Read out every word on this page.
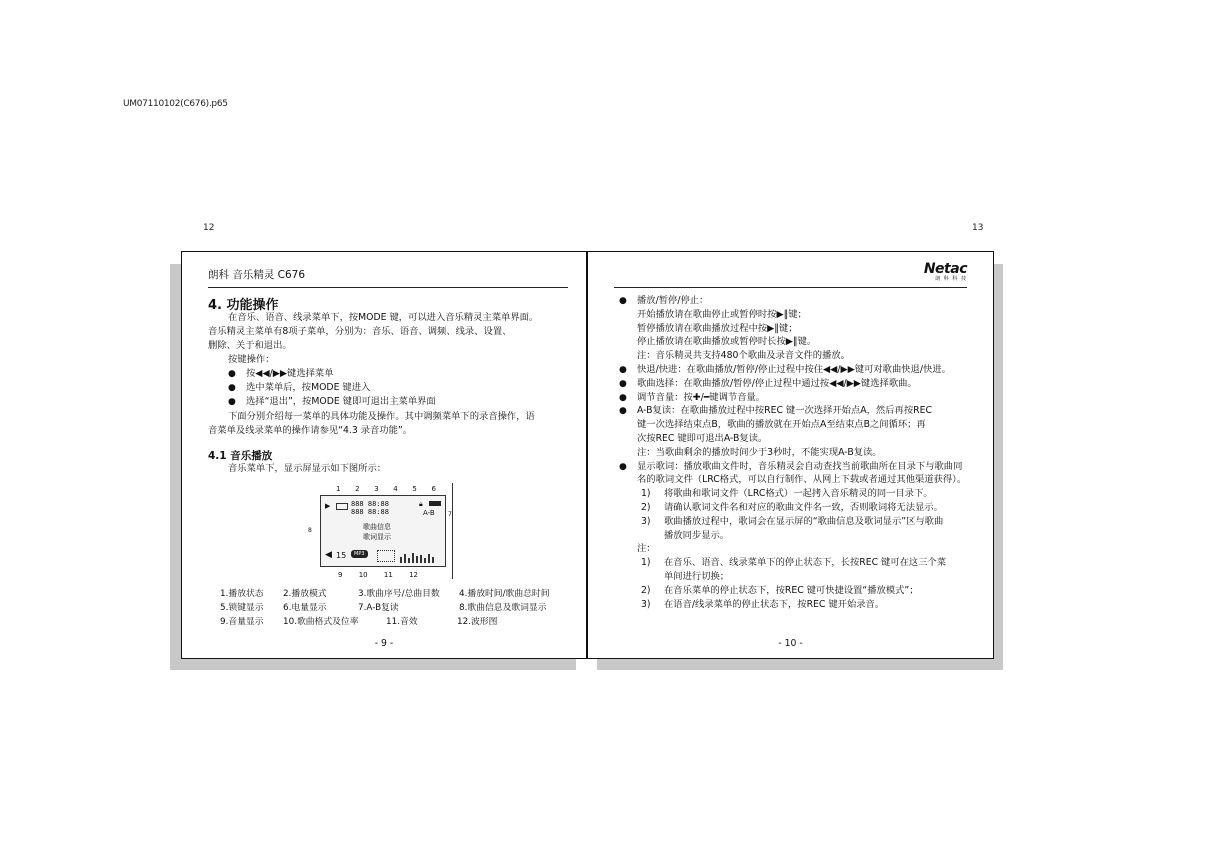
UM07110102(C676).p65
12	13
朗科 音乐精灵 C676
4. 功能操作
在音乐、语音、线录菜单下，按MODE 键，可以进入音乐精灵主菜单界面。
音乐精灵主菜单有8项子菜单，分别为：音乐、语音、调频、线录、设置、
删除、关于和退出。
按键操作：
● 按◀◀/▶▶键选择菜单
● 选中菜单后，按MODE 键进入
● 选择“退出”，按MODE 键即可退出主菜单界面
下面分别介绍每一菜单的具体功能及操作。其中调频菜单下的录音操作，语
音菜单及线录菜单的操作请参见“4.3 录音功能”。
4.1 音乐播放
音乐菜单下，显示屏显示如下图所示：
1 2 3 4 5 6
8
7
▶	888 88:88
888 88:88
🔒︎
A-B
歌曲信息
歌词显示
◀ 15	MP3
9 10 11 12
1.播放状态 2.播放模式	3.歌曲序号/总曲目数 4.播放时间/歌曲总时间
5.锁键显示 6.电量显示	7.A-B复读	8.歌曲信息及歌词显示
9.音量显示 10.歌曲格式及位率	11.音效	12.波形图
- 9 -
Netac
朗 科 科 技
● 播放/暂停/停止：
开始播放请在歌曲停止或暂停时按▶‖键；
暂停播放请在歌曲播放过程中按▶‖键；
停止播放请在歌曲播放或暂停时长按▶‖键。
注：音乐精灵共支持480个歌曲及录音文件的播放。
● 快退/快进：在歌曲播放/暂停/停止过程中按住◀◀/▶▶键可对歌曲快退/快进。
● 歌曲选择：在歌曲播放/暂停/停止过程中通过按◀◀/▶▶键选择歌曲。
● 调节音量：按✚/━键调节音量。
● A-B复读：在歌曲播放过程中按REC 键一次选择开始点A，然后再按REC
键一次选择结束点B，歌曲的播放就在开始点A至结束点B之间循环；再
次按REC 键即可退出A-B复读。
注：当歌曲剩余的播放时间少于3秒时，不能实现A-B复读。
● 显示歌词：播放歌曲文件时，音乐精灵会自动查找当前歌曲所在目录下与歌曲同
名的歌词文件（LRC格式，可以自行制作、从网上下载或者通过其他渠道获得）。
1) 将歌曲和歌词文件（LRC格式）一起拷入音乐精灵的同一目录下。
2) 请确认歌词文件名和对应的歌曲文件名一致，否则歌词将无法显示。
3) 歌曲播放过程中，歌词会在显示屏的“歌曲信息及歌词显示”区与歌曲
播放同步显示。
注：
1) 在音乐、语音、线录菜单下的停止状态下，长按REC 键可在这三个菜
单间进行切换；
2) 在音乐菜单的停止状态下，按REC 键可快捷设置“播放模式”；
3) 在语音/线录菜单的停止状态下，按REC 键开始录音。
- 10 -
